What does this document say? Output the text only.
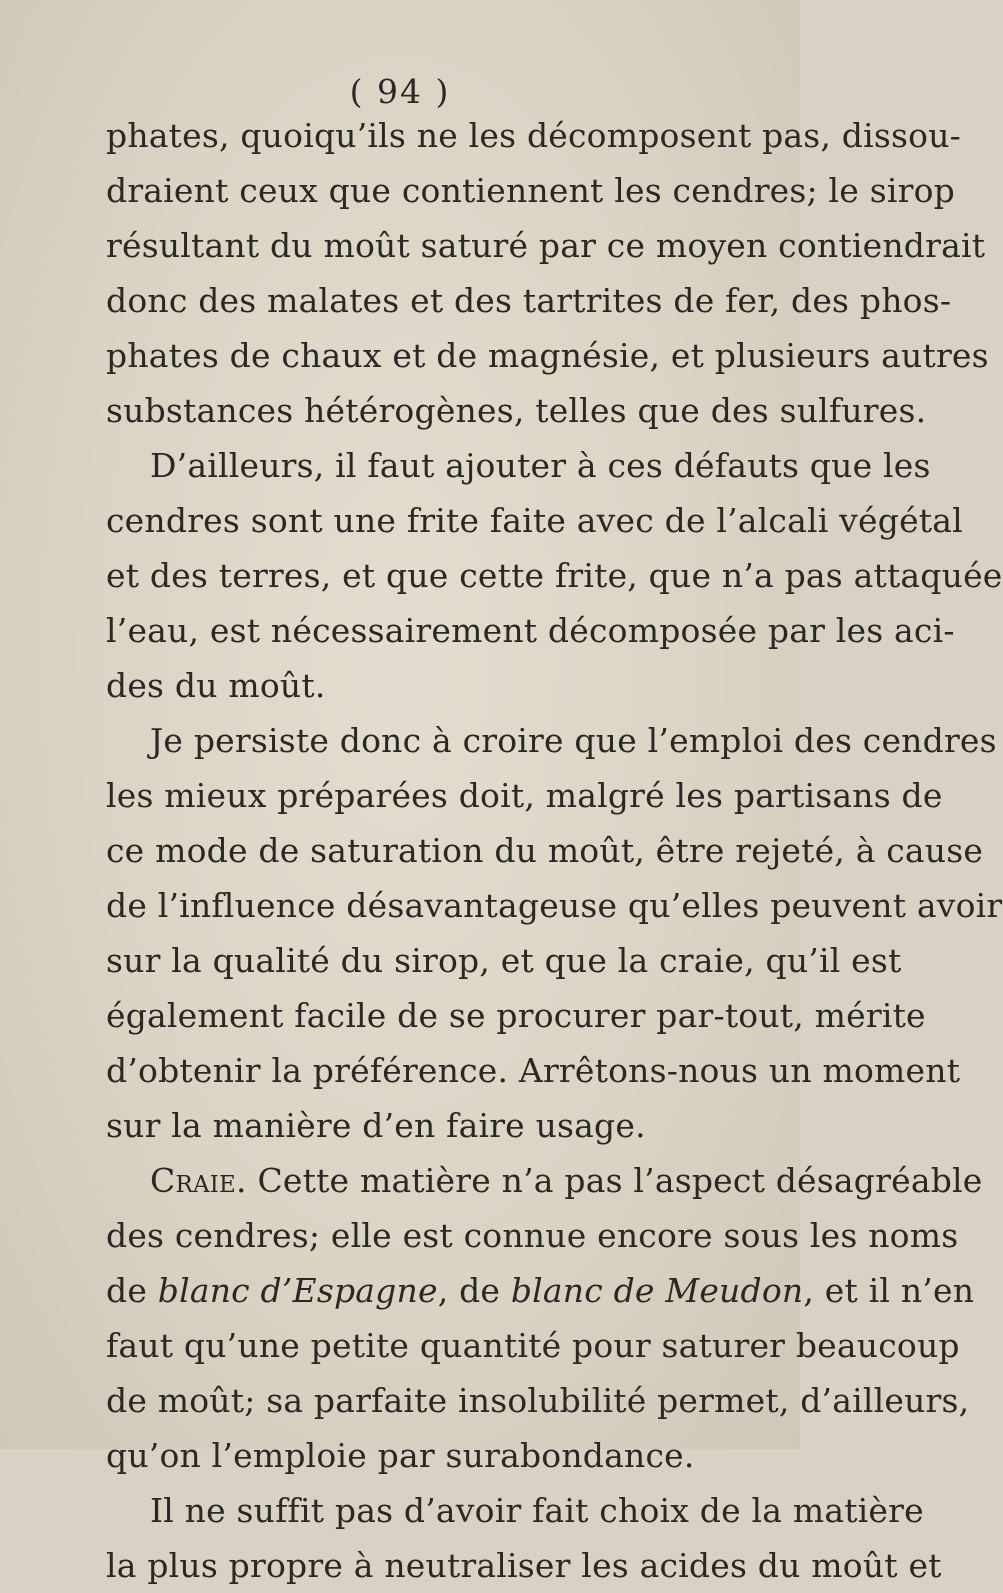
( 94 )
phates, quoiqu’ils ne les décomposent pas, dissou-
draient ceux que contiennent les cendres; le sirop
résultant du moût saturé par ce moyen contiendrait
donc des malates et des tartrites de fer, des phos-
phates de chaux et de magnésie, et plusieurs autres
substances hétérogènes, telles que des sulfures.
D’ailleurs, il faut ajouter à ces défauts que les
cendres sont une frite faite avec de l’alcali végétal
et des terres, et que cette frite, que n’a pas attaquée
l’eau, est nécessairement décomposée par les aci-
des du moût.
Je persiste donc à croire que l’emploi des cendres
les mieux préparées doit, malgré les partisans de
ce mode de saturation du moût, être rejeté, à cause
de l’influence désavantageuse qu’elles peuvent avoir
sur la qualité du sirop, et que la craie, qu’il est
également facile de se procurer par-tout, mérite
d’obtenir la préférence. Arrêtons-nous un moment
sur la manière d’en faire usage.
Craie. Cette matière n’a pas l’aspect désagréable
des cendres; elle est connue encore sous les noms
de blanc d’Espagne, de blanc de Meudon, et il n’en
faut qu’une petite quantité pour saturer beaucoup
de moût; sa parfaite insolubilité permet, d’ailleurs,
qu’on l’emploie par surabondance.
Il ne suffit pas d’avoir fait choix de la matière
la plus propre à neutraliser les acides du moût et
